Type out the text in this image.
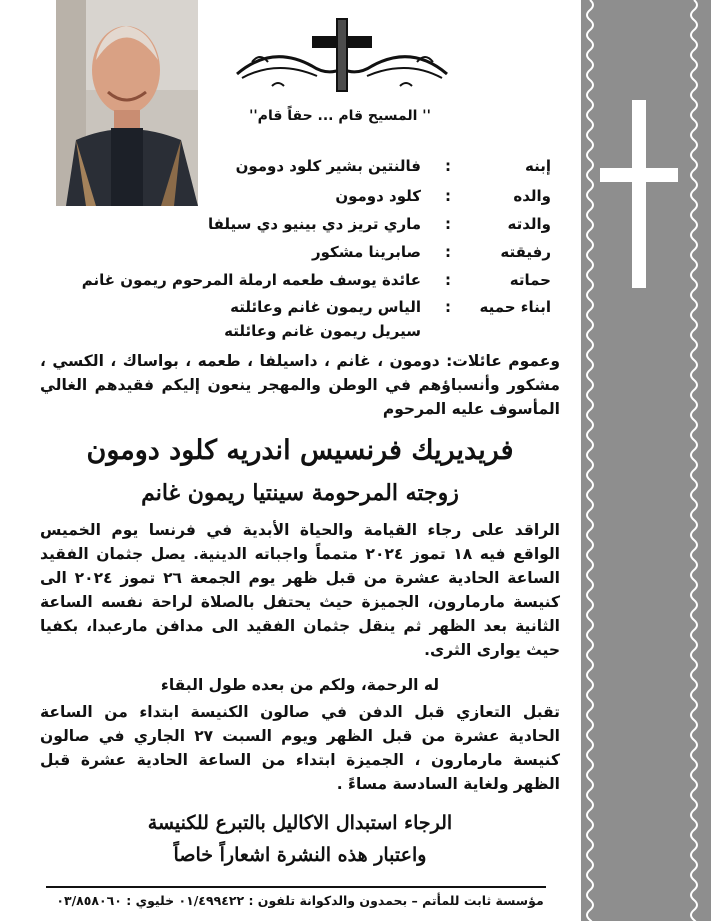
'' المسيح قام ... حقاً قام''
إبنه
:
فالنتين بشير كلود دومون
والده
:
كلود دومون
والدته
:
ماري تريز دي بينيو دي سيلفا
رفيقته
:
صابرينا مشكور
حماته
:
عائدة يوسف طعمه ارملة المرحوم ريمون غانم
ابناء حميه
:
الياس ريمون غانم وعائلته
سيريل ريمون غانم وعائلته
وعموم عائلات: دومون ، غانم ، داسيلفا ، طعمه ، بواساك ، الكسي ، مشكور وأنسباؤهم في الوطن والمهجر ينعون إليكم فقيدهم الغالي المأسوف عليه المرحوم
فريديريك فرنسيس اندريه كلود دومون
زوجته المرحومة سينتيا ريمون غانم
الراقد على رجاء القيامة والحياة الأبدية في فرنسا يوم الخميس الواقع فيه ١٨ تموز ٢٠٢٤ متمماً واجباته الدينية. يصل جثمان الفقيد الساعة الحادية عشرة من قبل ظهر يوم الجمعة ٢٦ تموز ٢٠٢٤ الى كنيسة مارمارون، الجميزة حيث يحتفل بالصلاة لراحة نفسه الساعة الثانية بعد الظهر ثم ينقل جثمان الفقيد الى مدافن مارعبدا، بكفيا حيث يوارى الثرى.
له الرحمة، ولكم من بعده طول البقاء
تقبل التعازي قبل الدفن في صالون الكنيسة ابتداء من الساعة الحادية عشرة من قبل الظهر ويوم السبت ٢٧ الجاري في صالون كنيسة مارمارون ، الجميزة ابتداء من الساعة الحادية عشرة قبل الظهر ولغاية السادسة مساءً .
الرجاء استبدال الاكاليل بالتبرع للكنيسة
واعتبار هذه النشرة اشعاراً خاصاً
مؤسسة ثابت للمأتم – بحمدون والدكوانة تلفون : ٠١/٤٩٩٤٢٢ خليوي : ٠٣/٨٥٨٠٦٠
